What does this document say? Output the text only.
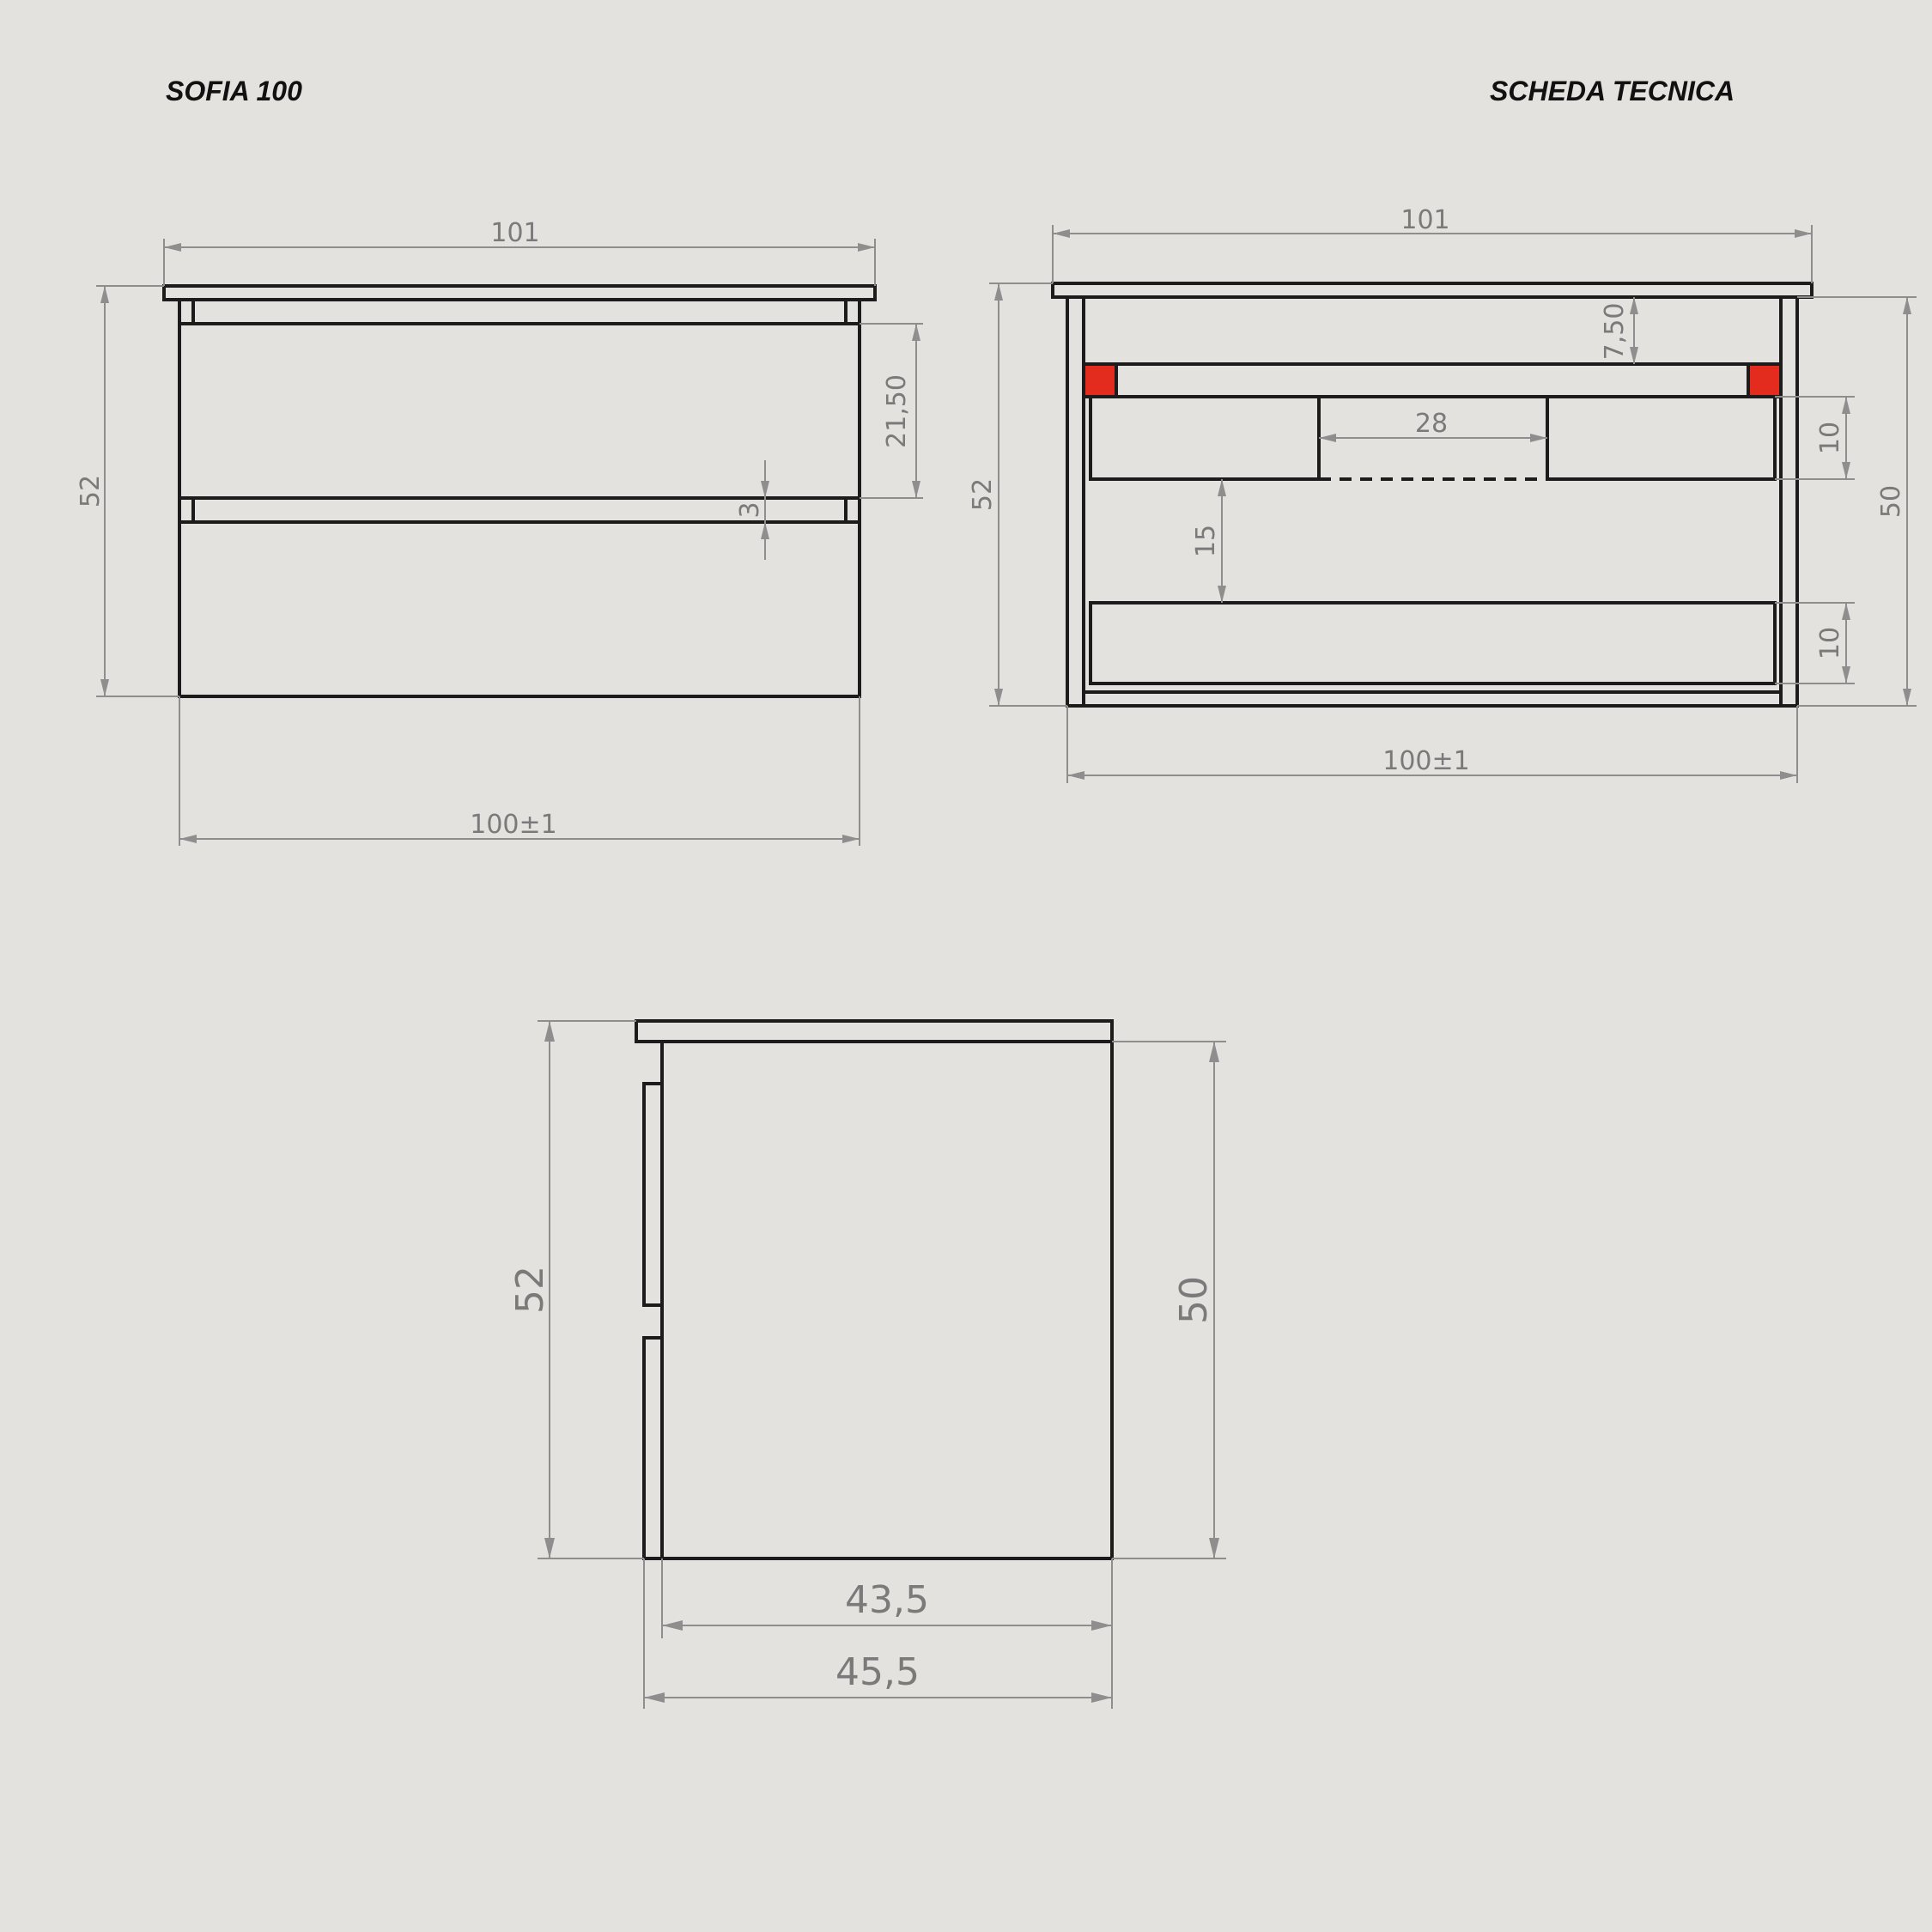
SOFIA 100	SCHEDA TECNICA
101
52
21,50
3
100±1
101
52	50
7,50
28	10
15
10
100±1
52	50
43,5
45,5
